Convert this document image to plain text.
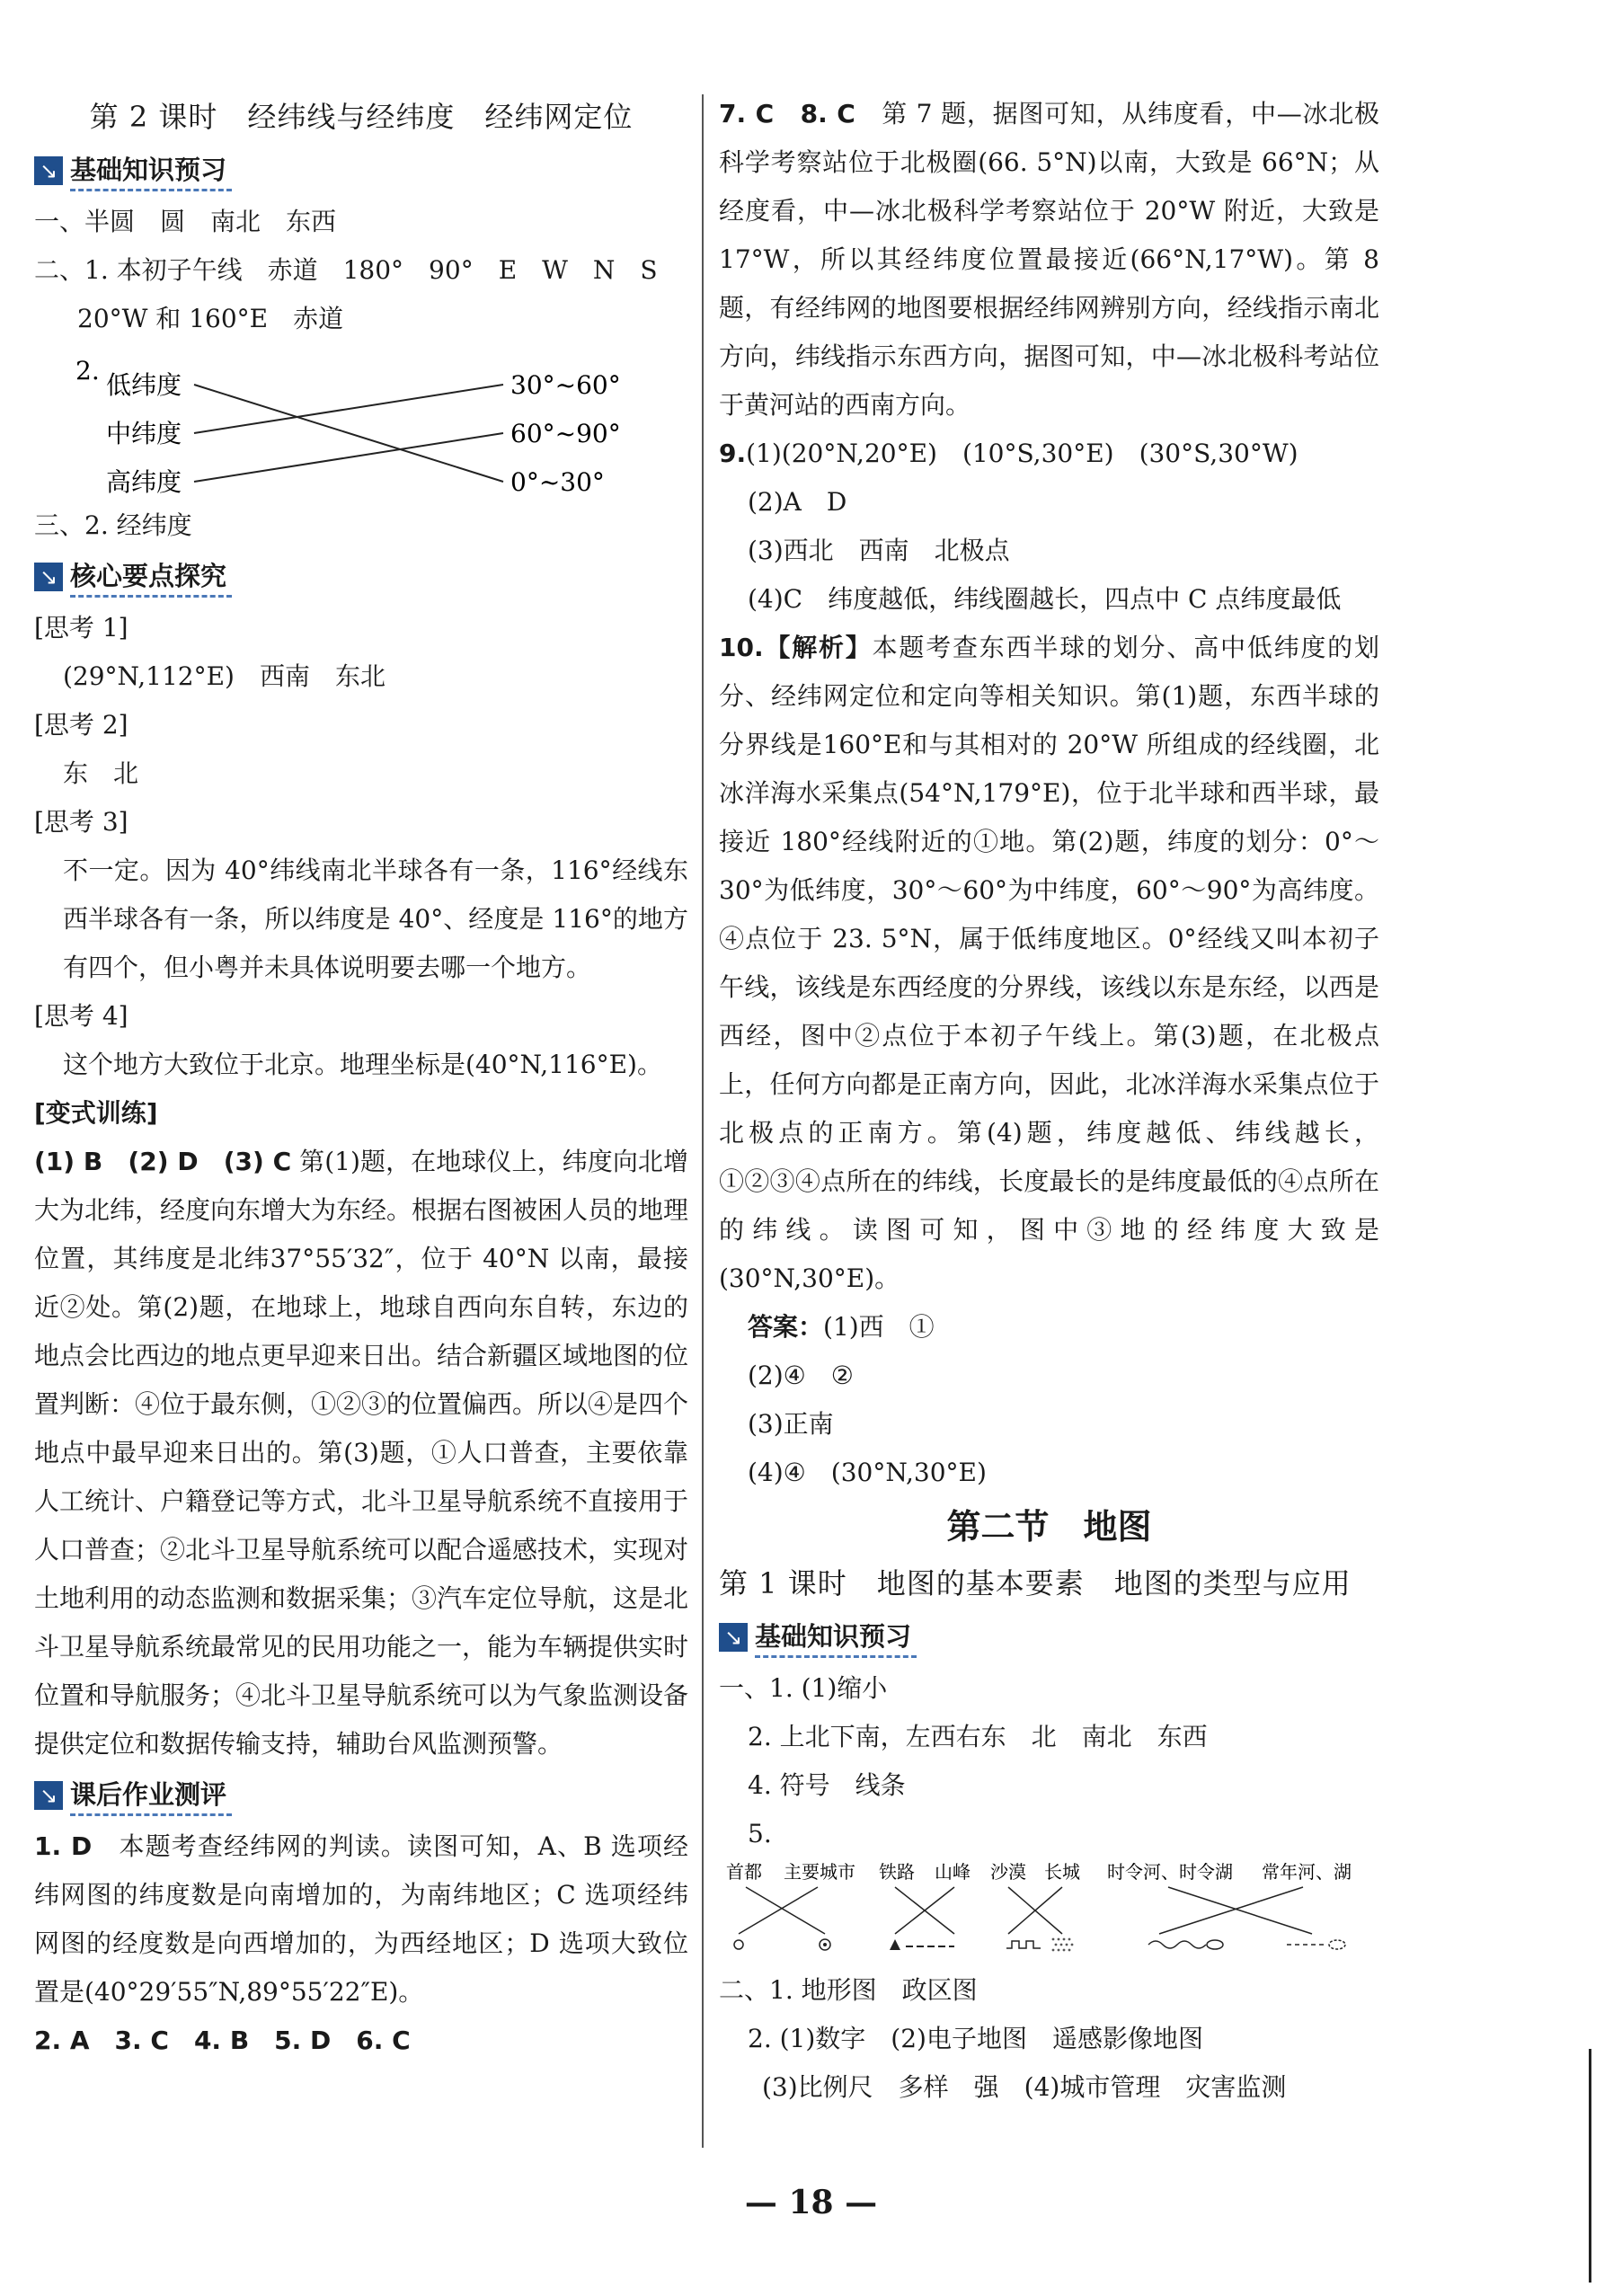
第 2 课时　经纬线与经纬度　经纬网定位
↘ 基础知识预习

一、半圆　圆　南北　东西

二、1. 本初子午线　赤道　180°　90°　E　W　N　S

20°W 和 160°E　赤道

2. 低纬度
中纬度
高纬度
30°~60°
60°~90°
0°~30°

三、2. 经纬度

↘ 核心要点探究

[思考 1]

(29°N,112°E)　西南　东北

[思考 2]

东　北

[思考 3]

不一定。因为 40°纬线南北半球各有一条，116°经线东西半球各有一条，所以纬度是 40°、经度是 116°的地方有四个，但小粤并未具体说明要去哪一个地方。

[思考 4]

这个地方大致位于北京。地理坐标是(40°N,116°E)。

[变式训练]

(1) B　(2) D　(3) C 第(1)题，在地球仪上，纬度向北增大为北纬，经度向东增大为东经。根据右图被困人员的地理位置，其纬度是北纬37°55′32″，位于 40°N 以南，最接近②处。第(2)题，在地球上，地球自西向东自转，东边的地点会比西边的地点更早迎来日出。结合新疆区域地图的位置判断：④位于最东侧，①②③的位置偏西。所以④是四个地点中最早迎来日出的。第(3)题，①人口普查，主要依靠人工统计、户籍登记等方式，北斗卫星导航系统不直接用于人口普查；②北斗卫星导航系统可以配合遥感技术，实现对土地利用的动态监测和数据采集；③汽车定位导航，这是北斗卫星导航系统最常见的民用功能之一，能为车辆提供实时位置和导航服务；④北斗卫星导航系统可以为气象监测设备提供定位和数据传输支持，辅助台风监测预警。

↘ 课后作业测评

1. D　 本题考查经纬网的判读。读图可知，A、B 选项经纬网图的纬度数是向南增加的，为南纬地区；C 选项经纬网图的经度数是向西增加的，为西经地区；D 选项大致位置是(40°29′55″N,89°55′22″E)。

2. A　3. C　4. B　5. D　6. C

7. C　8. C　 第 7 题，据图可知，从纬度看，中—冰北极科学考察站位于北极圈(66. 5°N)以南，大致是 66°N；从经度看，中—冰北极科学考察站位于 20°W 附近，大致是 17°W，所以其经纬度位置最接近(66°N,17°W)。第 8 题，有经纬网的地图要根据经纬网辨别方向，经线指示南北方向，纬线指示东西方向，据图可知，中—冰北极科考站位于黄河站的西南方向。

9.(1)(20°N,20°E)　(10°S,30°E)　(30°S,30°W)

(2)A　D

(3)西北　西南　北极点

(4)C　纬度越低，纬线圈越长，四点中 C 点纬度最低

10.【解析】本题考查东西半球的划分、高中低纬度的划分、经纬网定位和定向等相关知识。第(1)题，东西半球的分界线是160°E和与其相对的 20°W 所组成的经线圈，北冰洋海水采集点(54°N,179°E)，位于北半球和西半球，最接近 180°经线附近的①地。第(2)题，纬度的划分：0°～30°为低纬度，30°～60°为中纬度，60°～90°为高纬度。④点位于 23. 5°N，属于低纬度地区。0°经线又叫本初子午线，该线是东西经度的分界线，该线以东是东经，以西是西经，图中②点位于本初子午线上。第(3)题，在北极点上，任何方向都是正南方向，因此，北冰洋海水采集点位于北极点的正南方。第(4)题，纬度越低、纬线越长，①②③④点所在的纬线，长度最长的是纬度最低的④点所在的纬线。读图可知，图中③地的经纬度大致是(30°N,30°E)。

答案：(1)西　①

(2)④　②

(3)正南

(4)④　(30°N,30°E)

第二节　地图
第 1 课时　地图的基本要素　地图的类型与应用
↘ 基础知识预习

一、1. (1)缩小

2. 上北下南，左西右东　北　南北　东西

4. 符号　线条

5.

首都 主要城市 铁路 山峰 沙漠 长城 时令河、时令湖 常年河、湖

二、1. 地形图　政区图

2. (1)数字　(2)电子地图　遥感影像地图

(3)比例尺　多样　强　(4)城市管理　灾害监测

— 18 —
